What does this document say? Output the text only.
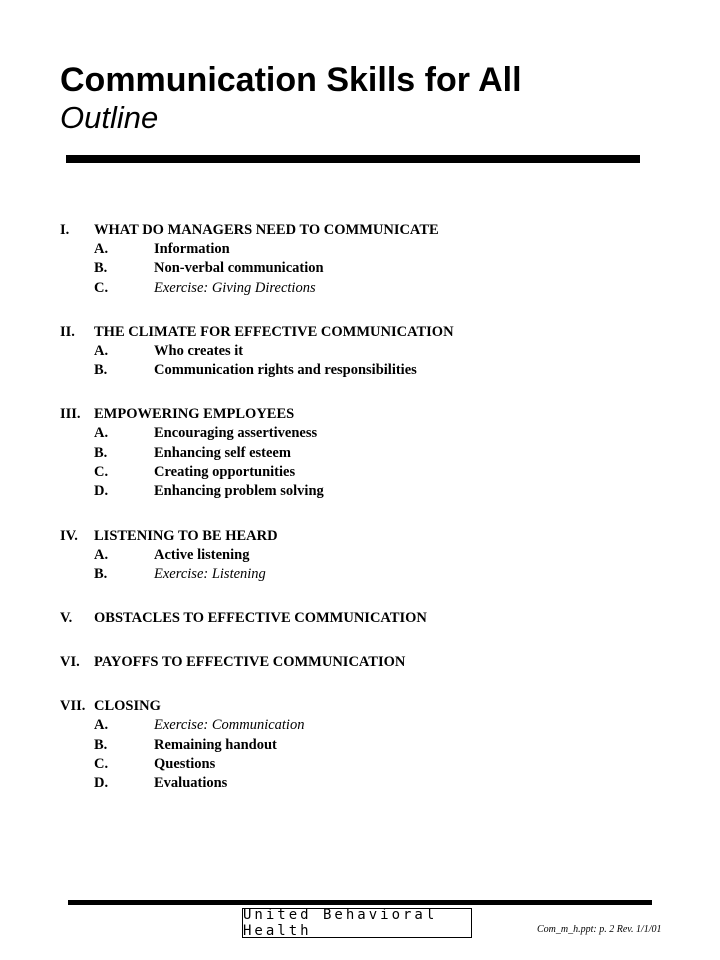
Communication Skills for All
Outline
I.	WHAT DO MANAGERS NEED TO COMMUNICATE
A.	Information
B.	Non-verbal communication
C.	Exercise: Giving Directions
II.	THE CLIMATE FOR EFFECTIVE COMMUNICATION
A.	Who creates it
B.	Communication rights and responsibilities
III. EMPOWERING EMPLOYEES
A.	Encouraging assertiveness
B.	Enhancing self esteem
C.	Creating opportunities
D.	Enhancing problem solving
IV.	LISTENING TO BE HEARD
A.	Active listening
B.	Exercise: Listening
V.	OBSTACLES TO EFFECTIVE COMMUNICATION
VI. PAYOFFS TO EFFECTIVE COMMUNICATION
VII. CLOSING
A.	Exercise: Communication
B.	Remaining handout
C.	Questions
D.	Evaluations
United Behavioral Health	Com_m_h.ppt: p. 2 Rev. 1/1/01
